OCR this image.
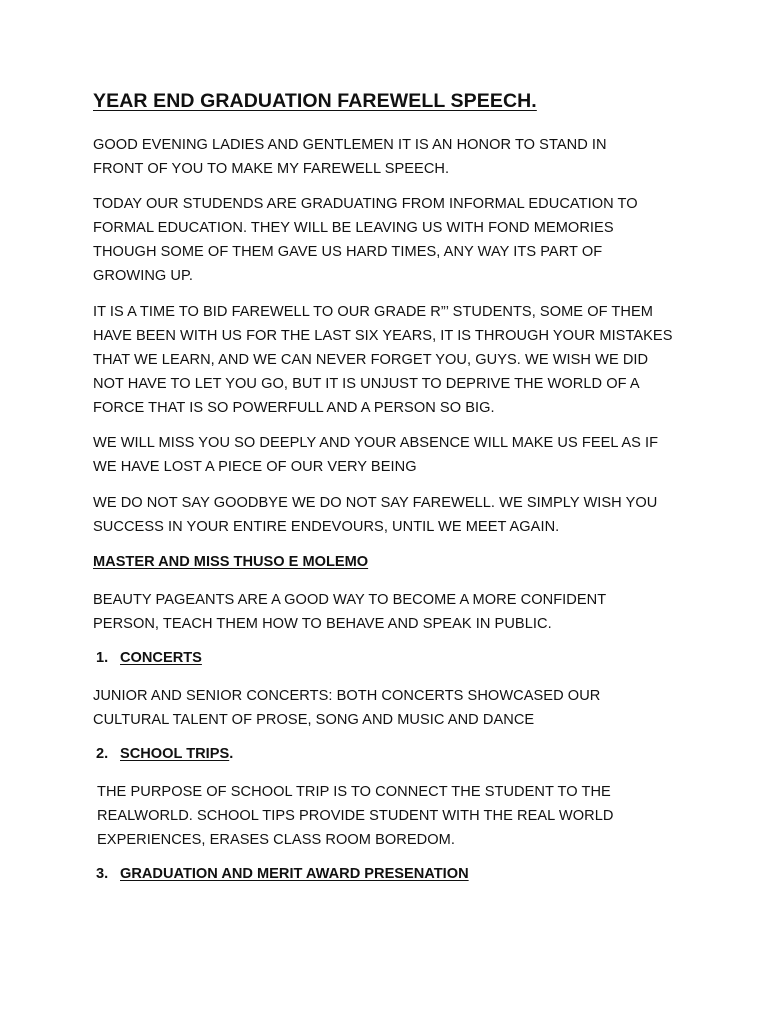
YEAR END GRADUATION FAREWELL SPEECH.

GOOD EVENING LADIES AND GENTLEMEN IT IS AN HONOR TO STAND IN
FRONT OF YOU TO MAKE MY FAREWELL SPEECH.

TODAY OUR STUDENDS ARE GRADUATING FROM INFORMAL EDUCATION TO
FORMAL EDUCATION. THEY WILL BE LEAVING US WITH FOND MEMORIES
THOUGH SOME OF THEM GAVE US HARD TIMES, ANY WAY ITS PART OF
GROWING UP.

IT IS A TIME TO BID FAREWELL TO OUR GRADE R”’ STUDENTS, SOME OF THEM
HAVE BEEN WITH US FOR THE LAST SIX YEARS, IT IS THROUGH YOUR MISTAKES
THAT WE LEARN, AND WE CAN NEVER FORGET YOU, GUYS. WE WISH WE DID
NOT HAVE TO LET YOU GO, BUT IT IS UNJUST TO DEPRIVE THE WORLD OF A
FORCE THAT IS SO POWERFULL AND A PERSON SO BIG.

WE WILL MISS YOU SO DEEPLY AND YOUR ABSENCE WILL MAKE US FEEL AS IF
WE HAVE LOST A PIECE OF OUR VERY BEING

WE DO NOT SAY GOODBYE WE DO NOT SAY FAREWELL. WE SIMPLY WISH YOU
SUCCESS IN YOUR ENTIRE ENDEVOURS, UNTIL WE MEET AGAIN.

MASTER AND MISS THUSO E MOLEMO

BEAUTY PAGEANTS ARE A GOOD WAY TO BECOME A MORE CONFIDENT
PERSON, TEACH THEM HOW TO BEHAVE AND SPEAK IN PUBLIC.

1. CONCERTS

JUNIOR AND SENIOR CONCERTS: BOTH CONCERTS SHOWCASED OUR
CULTURAL TALENT OF PROSE, SONG AND MUSIC AND DANCE

2. SCHOOL TRIPS.

THE PURPOSE OF SCHOOL TRIP IS TO CONNECT THE STUDENT TO THE
REALWORLD. SCHOOL TIPS PROVIDE STUDENT WITH THE REAL WORLD
EXPERIENCES, ERASES CLASS ROOM BOREDOM.

3. GRADUATION AND MERIT AWARD PRESENATION
